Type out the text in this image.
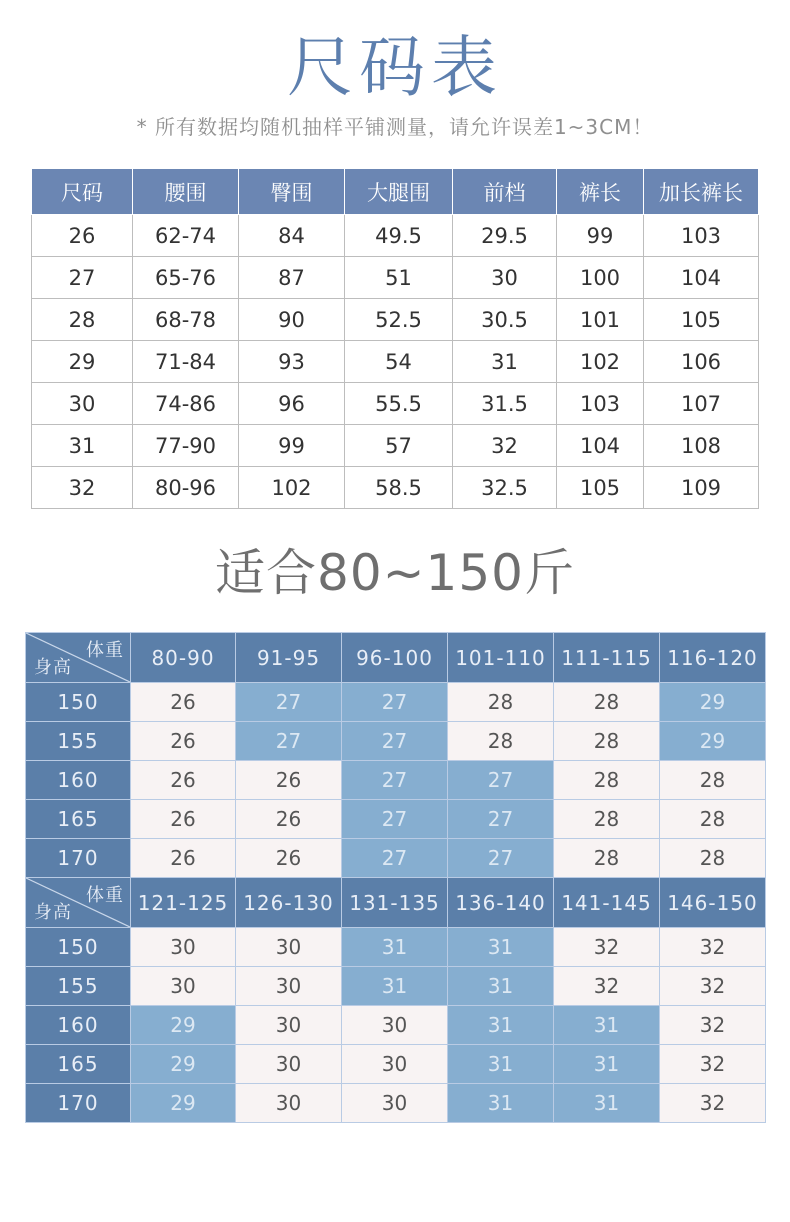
尺码表
* 所有数据均随机抽样平铺测量，请允许误差1~3CM！
尺码	腰围	臀围	大腿围	前档	裤长	加长裤长
26	62-74	84	49.5	29.5	99	103
27	65-76	87	51	30	100	104
28	68-78	90	52.5	30.5	101	105
29	71-84	93	54	31	102	106
30	74-86	96	55.5	31.5	103	107
31	77-90	99	57	32	104	108
32	80-96	102	58.5	32.5	105	109
适合80~150斤
体重
身高	80-90	91-95	96-100	101-110	111-115	116-120
150	26	27	27	28	28	29
155	26	27	27	28	28	29
160	26	26	27	27	28	28
165	26	26	27	27	28	28
170	26	26	27	27	28	28

体重
身高	121-125	126-130	131-135	136-140	141-145	146-150
150	30	30	31	31	32	32
155	30	30	31	31	32	32
160	29	30	30	31	31	32
165	29	30	30	31	31	32
170	29	30	30	31	31	32
